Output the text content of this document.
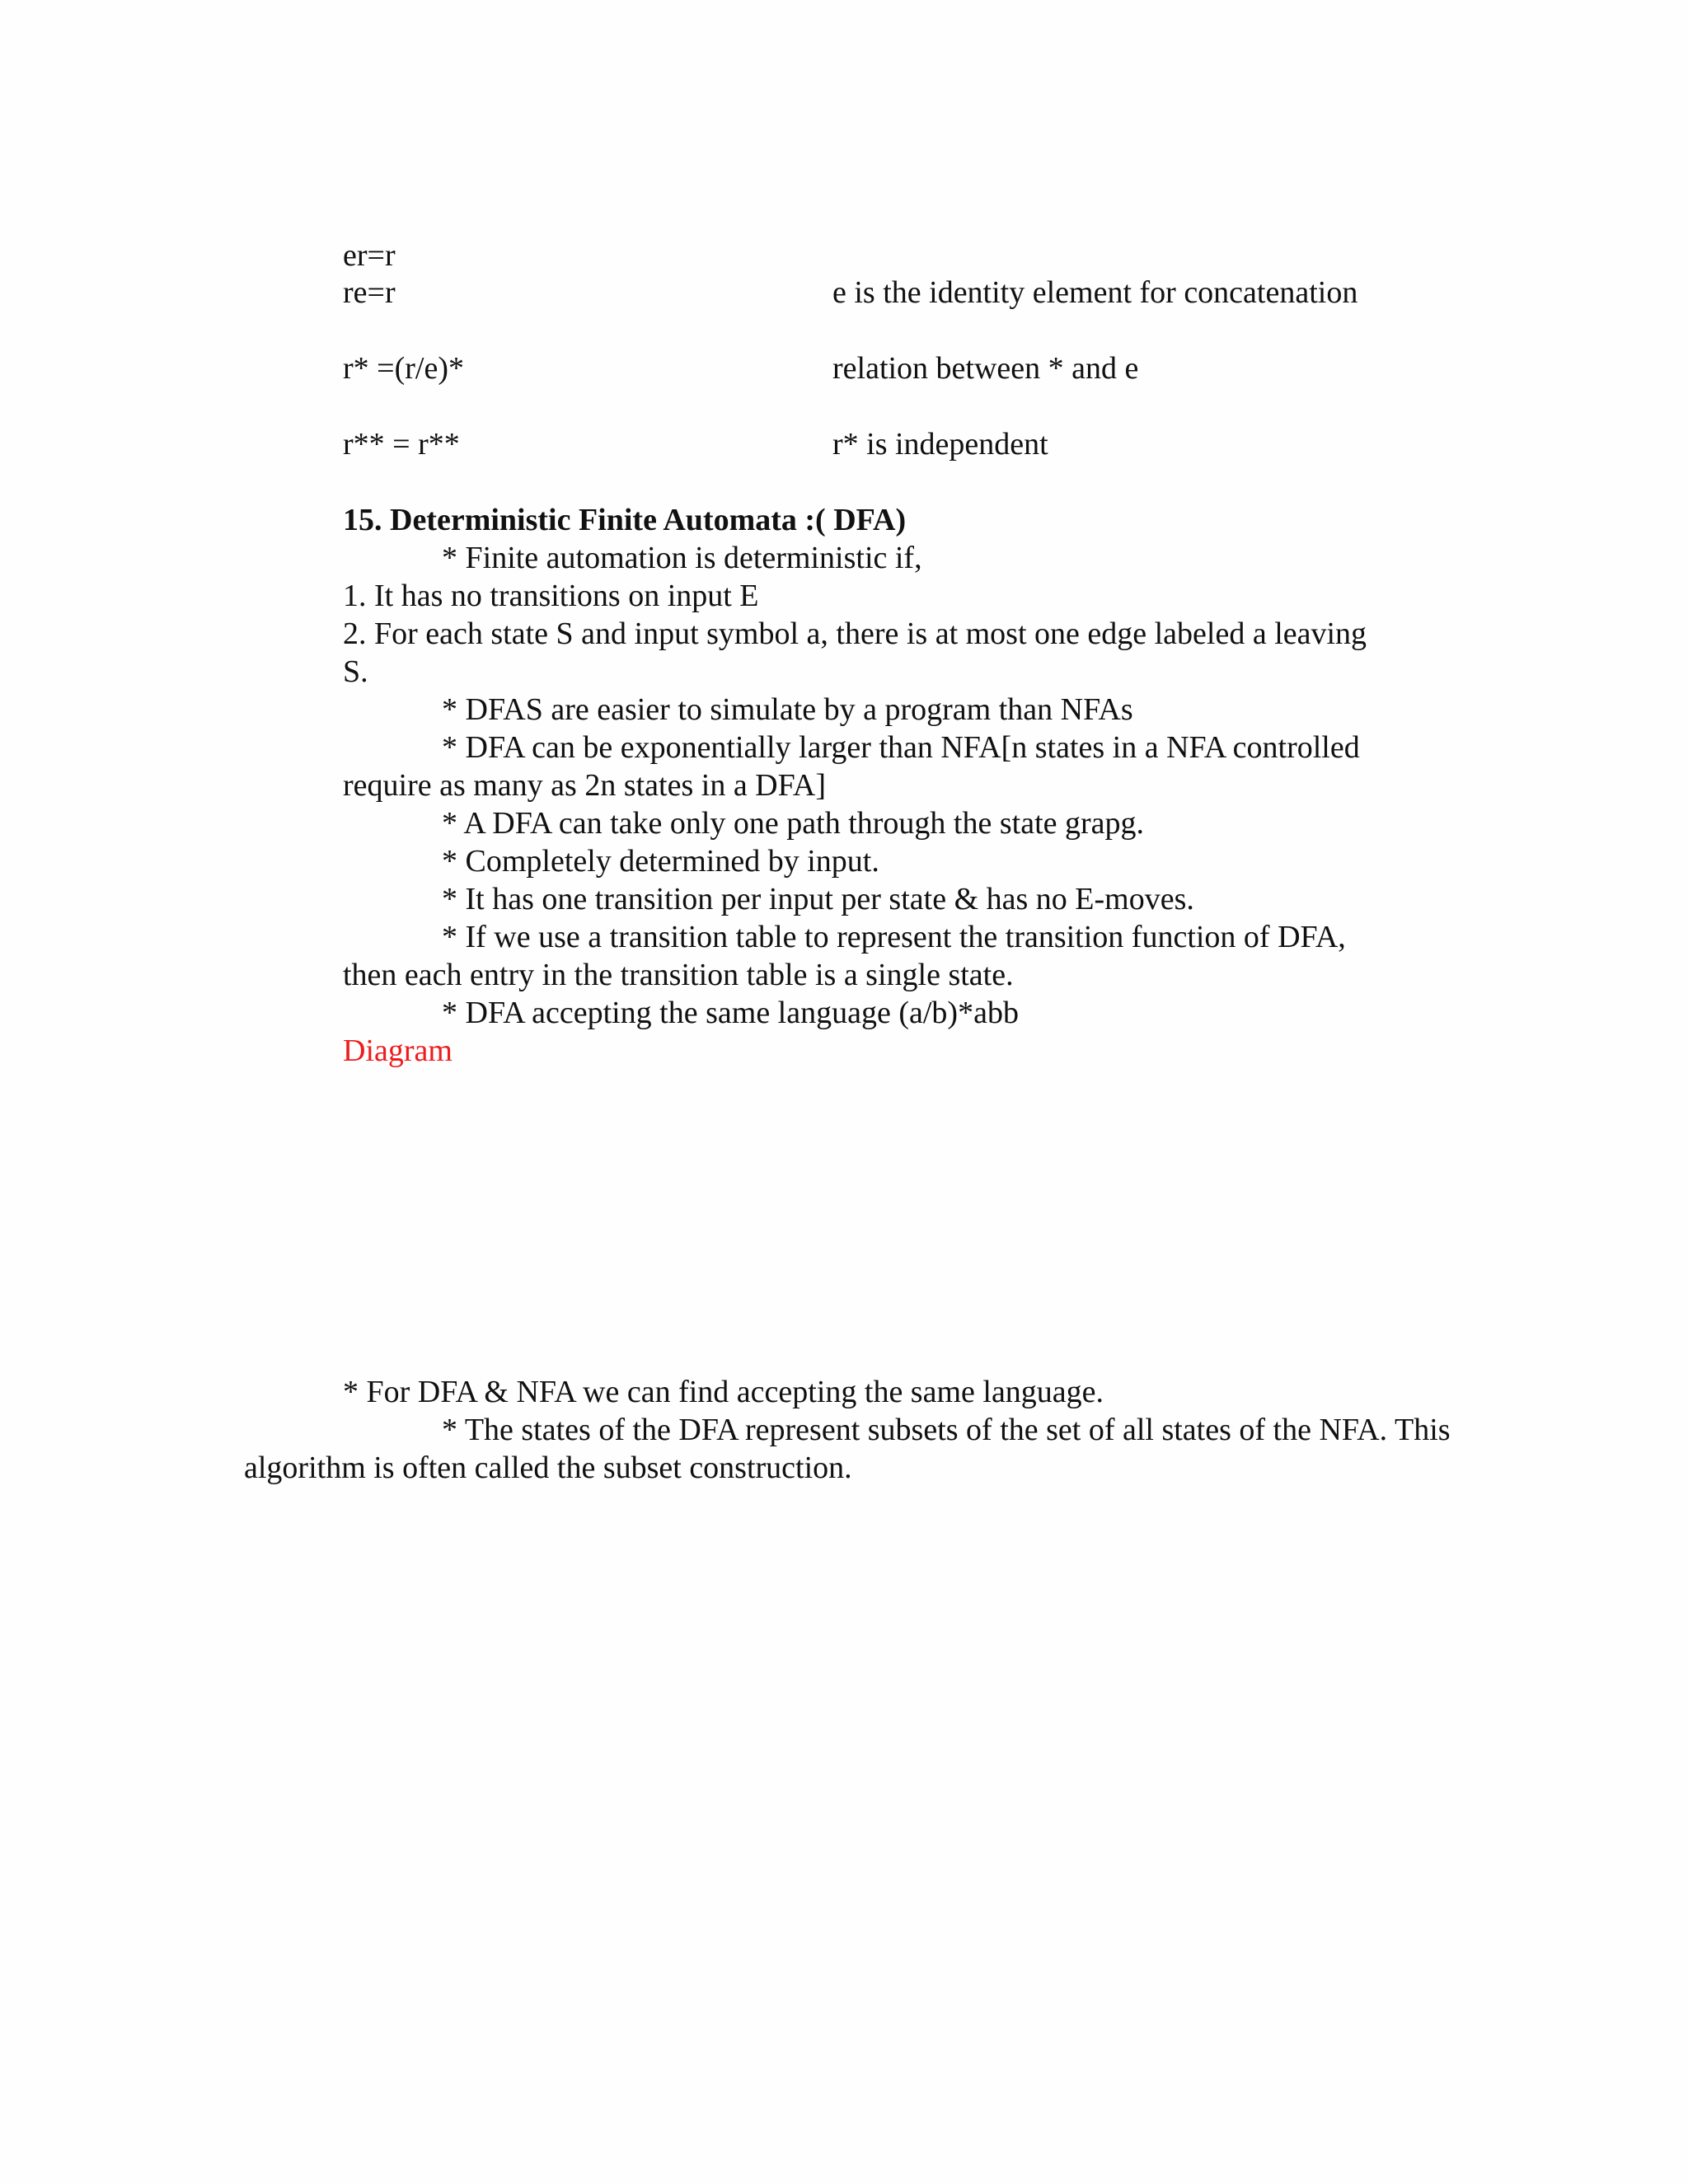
er=r
re=r	e is the identity element for concatenation
r* =(r/e)*	relation between * and e
r** = r**	r* is independent
15. Deterministic Finite Automata :( DFA)
* Finite automation is deterministic if,
1. It has no transitions on input E
2. For each state S and input symbol a, there is at most one edge labeled a leaving
S.
* DFAS are easier to simulate by a program than NFAs
* DFA can be exponentially larger than NFA[n states in a NFA controlled
require as many as 2n states in a DFA]
* A DFA can take only one path through the state grapg.
* Completely determined by input.
* It has one transition per input per state & has no E-moves.
* If we use a transition table to represent the transition function of DFA,
then each entry in the transition table is a single state.
* DFA accepting the same language (a/b)*abb
Diagram
* For DFA & NFA we can find accepting the same language.
* The states of the DFA represent subsets of the set of all states of the NFA. This
algorithm is often called the subset construction.
